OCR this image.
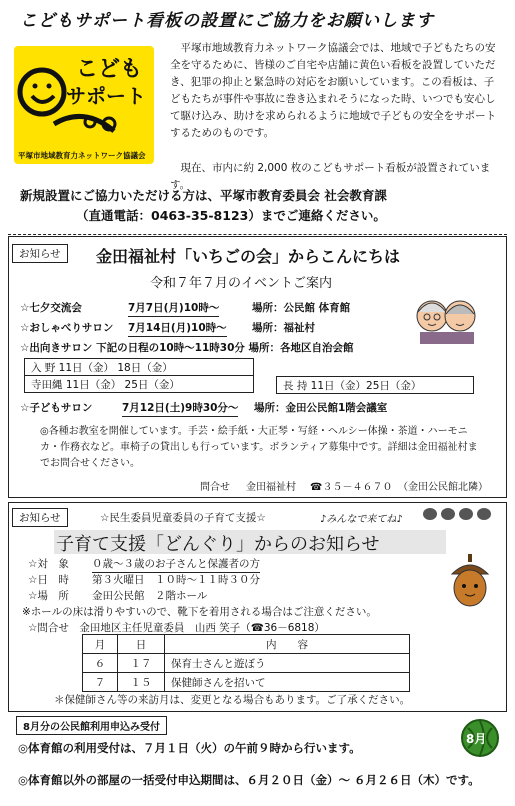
こどもサポート看板の設置にご協力をお願いします
こども
サポート
平塚市地域教育力ネットワーク協議会
平塚市地域教育力ネットワーク協議会では、地域で子どもたちの安全を守るために、皆様のご自宅や店舗に黄色い看板を設置していただき、犯罪の抑止と緊急時の対応をお願いしています。この看板は、子どもたちが事件や事故に巻き込まれそうになった時、いつでも安心して駆け込み、助けを求められるように地域で子どもの安全をサポートするためのものです。
現在、市内に約 2,000 枚のこどもサポート看板が設置されています。
新規設置にご協力いただける方は、平塚市教育委員会 社会教育課
（直通電話：0463-35-8123）までご連絡ください。
お知らせ	金田福祉村「いちごの会」からこんにちは
令和７年７月のイベントご案内
☆七夕交流会	7月7日(月)10時～	場所：公民館 体育館
☆おしゃべりサロン 7月14日(月)10時～ 場所：福祉村
☆出向きサロン 下記の日程の10時～11時30分 場所：各地区自治会館
入 野 11日（金） 18日（金）
寺田縄 11日（金） 25日（金）	長 持 11日（金）25日（金）
☆子どもサロン	7月12日(土)9時30分～ 場所：金田公民館1階会議室
◎各種お教室を開催しています。手芸・絵手紙・大正琴・写経・ヘルシー体操・茶道・ハーモニカ・作務衣など。車椅子の貸出しも行っています。ボランティア募集中です。詳細は金田福祉村までお問合せください。
問合せ 金田福祉村 ☎３５－４６７０ （金田公民館北隣）
お知らせ	☆民生委員児童委員の子育て支援☆	♪みんなで来てね♪
子育て支援「どんぐり」からのお知らせ
☆対　象 ０歳～３歳のお子さんと保護者の方
☆日　時 第３火曜日　１０時～１１時３０分
☆場　所 金田公民館　２階ホール
※ホールの床は滑りやすいので、靴下を着用される場合はご注意ください。
☆問合せ　金田地区主任児童委員　山西 笑子（☎36－6818）
月	日	内　　容
６	１７	保育士さんと遊ぼう
７	１５	保健師さんを招いて
＊保健師さん等の来訪月は、変更となる場合もあります。ご了承ください。
8月分の公民館利用申込み受付
◎体育館の利用受付は、７月１日（火）の午前９時から行います。
◎体育館以外の部屋の一括受付申込期間は、６月２０日（金）～ ６月２６日（木）です。
8月
